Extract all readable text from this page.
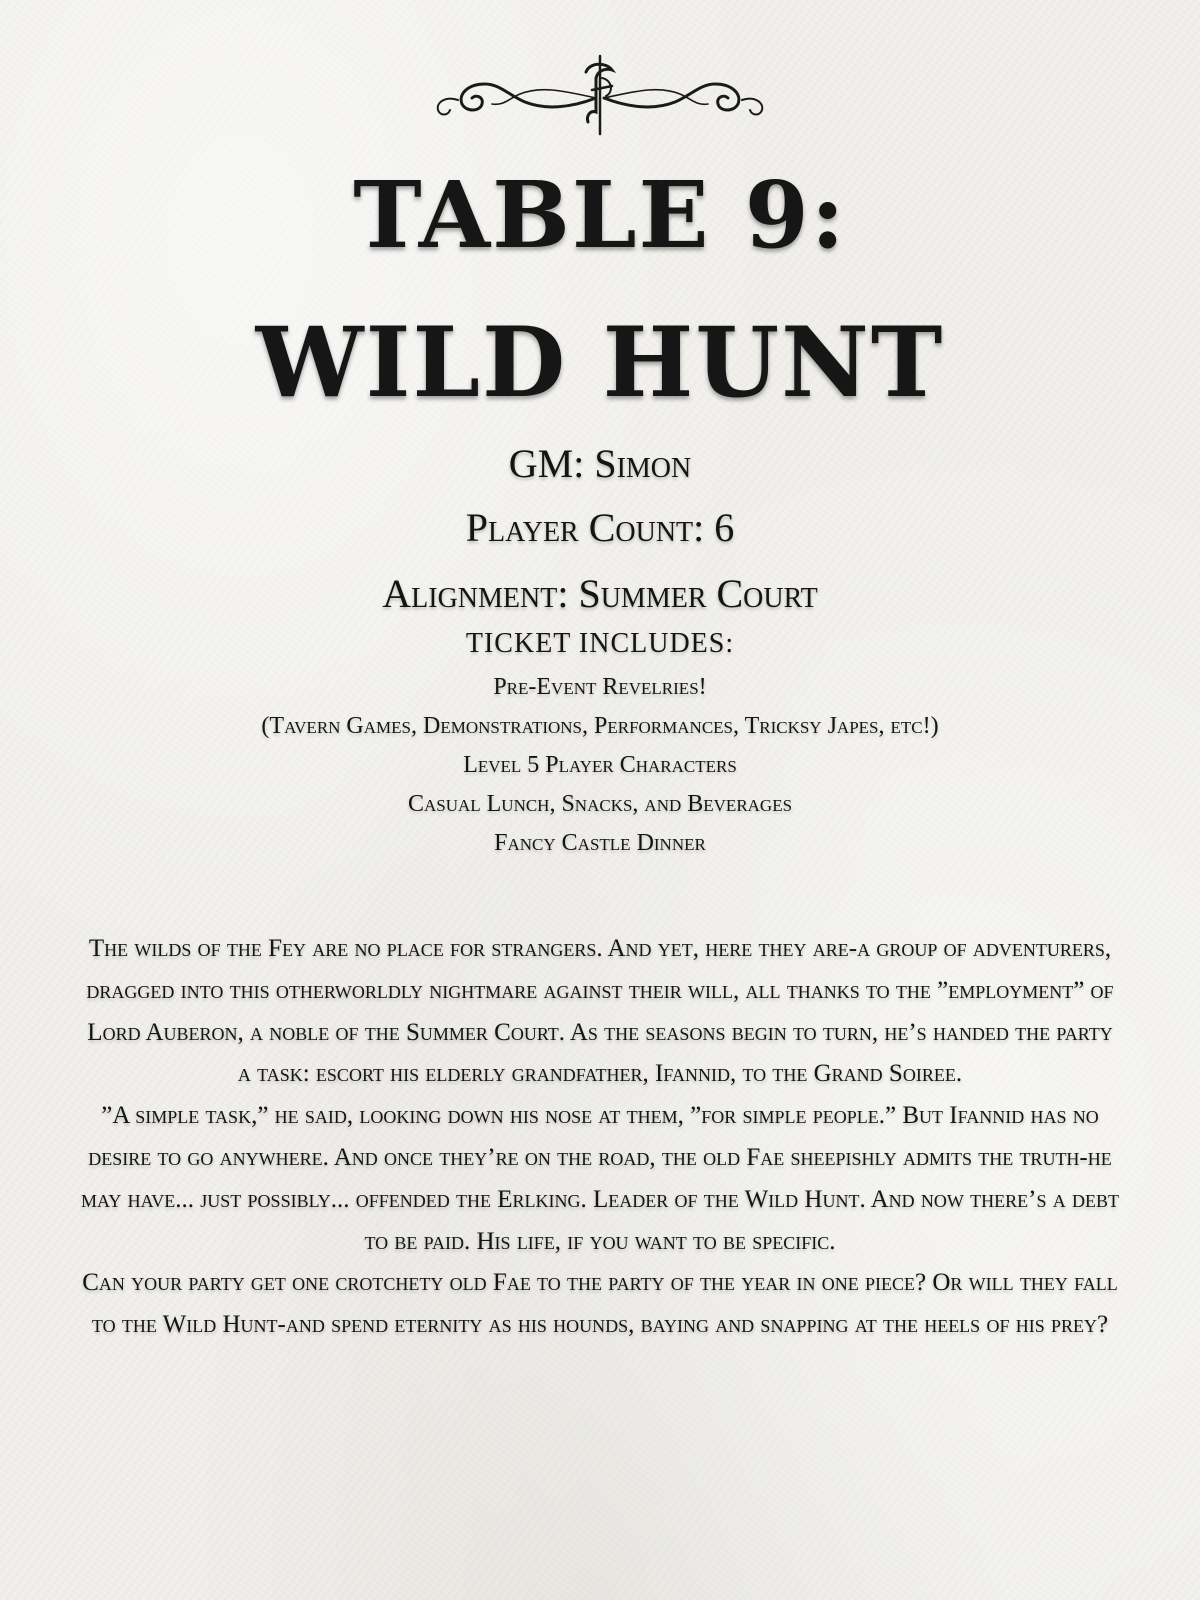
TABLE 9:
WILD HUNT
GM: Simon
Player Count: 6
Alignment: Summer Court
TICKET INCLUDES:
Pre-Event Revelries!
(Tavern Games, Demonstrations, Performances, Tricksy Japes, etc!)
Level 5 Player Characters
Casual Lunch, Snacks, and Beverages
Fancy Castle Dinner

The wilds of the Fey are no place for strangers. And yet, here they are-a group of adventurers, dragged into this otherworldly nightmare against their will, all thanks to the ”employment” of Lord Auberon, a noble of the Summer Court. As the seasons begin to turn, he’s handed the party a task: escort his elderly grandfather, Ifannid, to the Grand Soiree.

”A simple task,” he said, looking down his nose at them, ”for simple people.” But Ifannid has no desire to go anywhere. And once they’re on the road, the old Fae sheepishly admits the truth-he may have... just possibly... offended the Erlking. Leader of the Wild Hunt. And now there’s a debt to be paid. His life, if you want to be specific.

Can your party get one crotchety old Fae to the party of the year in one piece? Or will they fall to the Wild Hunt-and spend eternity as his hounds, baying and snapping at the heels of his prey?
